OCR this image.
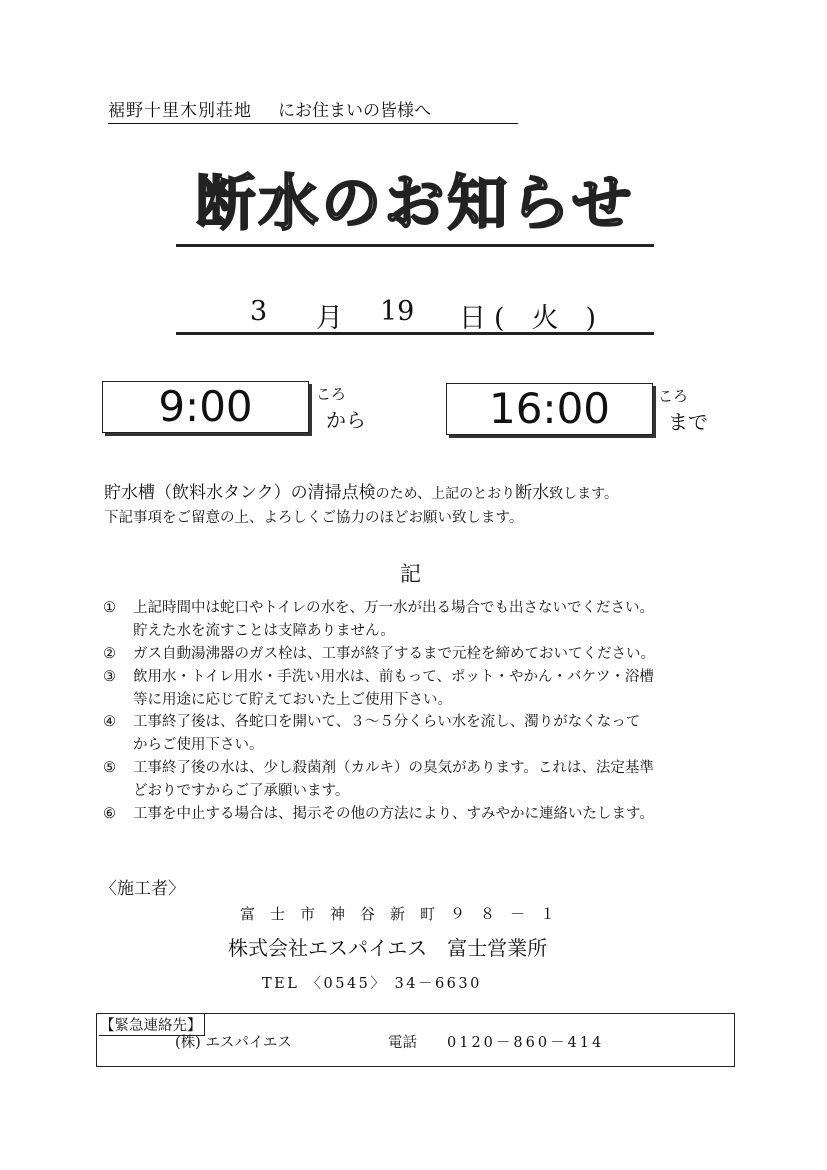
裾野十里木別荘地 にお住まいの皆様へ
断水のお知らせ
3 月 19 日 (　火　)
9:00	ころ
から	16:00	ころ
まで
貯水槽（飲料水タンク）の清掃点検のため、上記のとおり断水致します。
下記事項をご留意の上、よろしくご協力のほどお願い致します。
記
① 上記時間中は蛇口やトイレの水を、万一水が出る場合でも出さないでください。
貯えた水を流すことは支障ありません。
② ガス自動湯沸器のガス栓は、工事が終了するまで元栓を締めておいてください。
③ 飲用水・トイレ用水・手洗い用水は、前もって、ポット・やかん・バケツ・浴槽
等に用途に応じて貯えておいた上ご使用下さい。
④ 工事終了後は、各蛇口を開いて、３～５分くらい水を流し、濁りがなくなって
からご使用下さい。
⑤ 工事終了後の水は、少し殺菌剤（カルキ）の臭気があります。これは、法定基準
どおりですからご了承願います。
⑥ 工事を中止する場合は、掲示その他の方法により、すみやかに連絡いたします。
〈施工者〉
富士市神谷新町９８－１
株式会社エスパイエス　富士営業所
TEL 〈0545〉 34－6630
【緊急連絡先】
(株) エスパイエス	電話 0120－860－414
